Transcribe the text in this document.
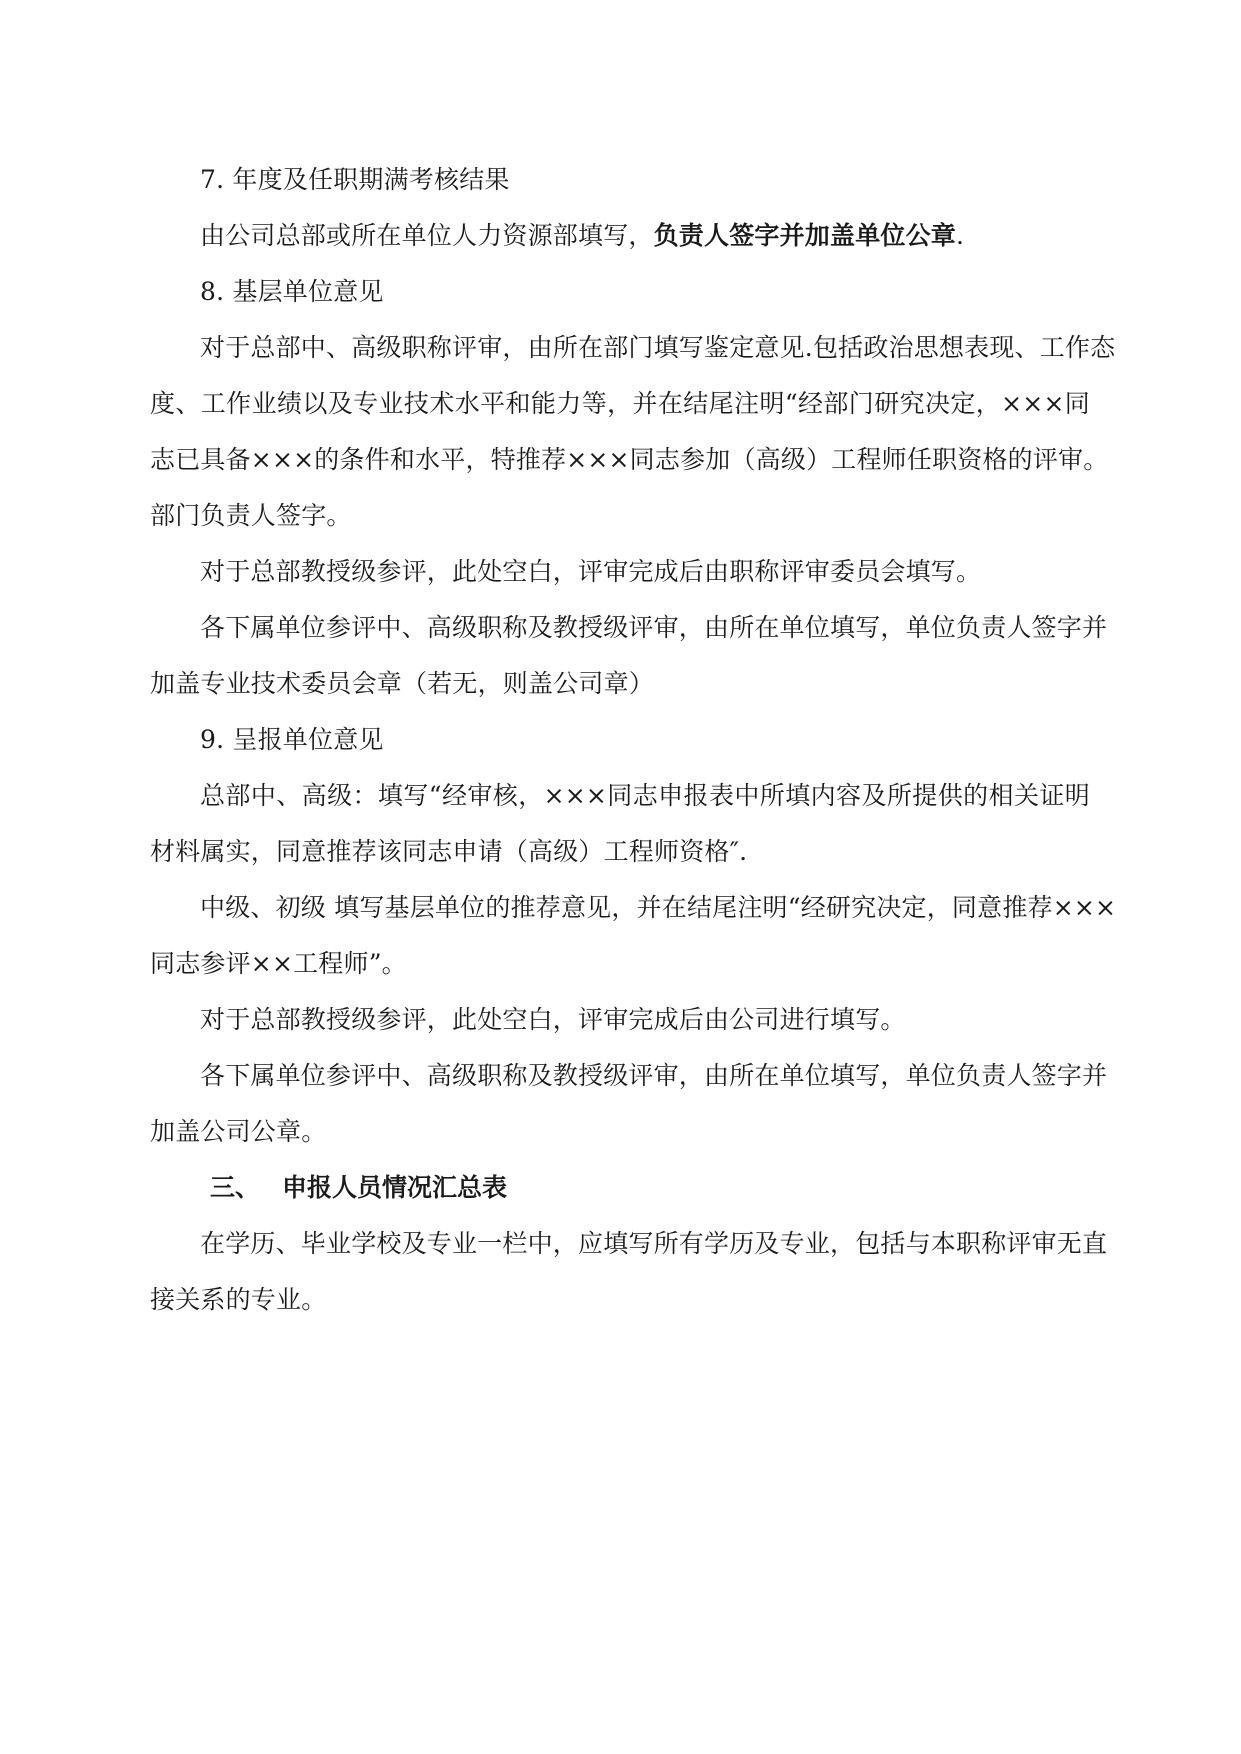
7. 年度及任职期满考核结果
由公司总部或所在单位人力资源部填写，负责人签字并加盖单位公章.
8. 基层单位意见
对于总部中、高级职称评审，由所在部门填写鉴定意见.包括政治思想表现、工作态
度、工作业绩以及专业技术水平和能力等，并在结尾注明“经部门研究决定，×××同
志已具备×××的条件和水平，特推荐×××同志参加（高级）工程师任职资格的评审。
部门负责人签字。
对于总部教授级参评，此处空白，评审完成后由职称评审委员会填写。
各下属单位参评中、高级职称及教授级评审，由所在单位填写，单位负责人签字并
加盖专业技术委员会章（若无，则盖公司章）
9. 呈报单位意见
总部中、高级：填写“经审核，×××同志申报表中所填内容及所提供的相关证明
材料属实，同意推荐该同志申请（高级）工程师资格″.
中级、初级 填写基层单位的推荐意见，并在结尾注明“经研究决定，同意推荐×××
同志参评××工程师”。
对于总部教授级参评，此处空白，评审完成后由公司进行填写。
各下属单位参评中、高级职称及教授级评审，由所在单位填写，单位负责人签字并
加盖公司公章。
三、 申报人员情况汇总表
在学历、毕业学校及专业一栏中，应填写所有学历及专业，包括与本职称评审无直
接关系的专业。
